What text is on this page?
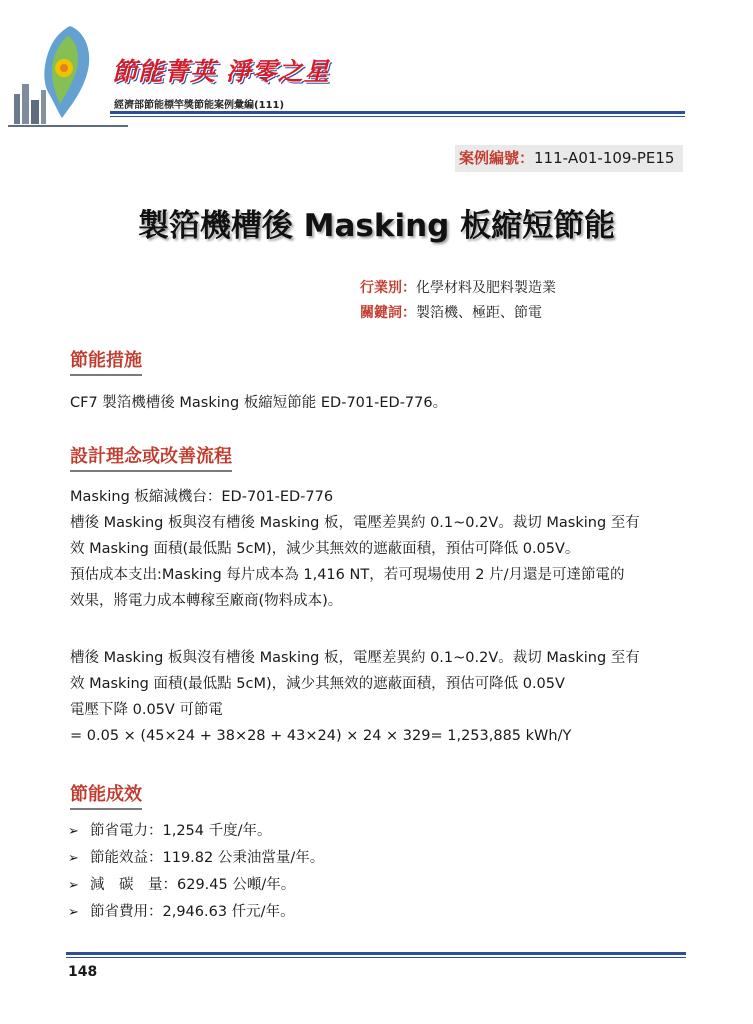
節能菁英 淨零之星
經濟部節能標竿獎節能案例彙編(111)
案例編號：111-A01-109-PE15
製箔機槽後 Masking 板縮短節能
行業別：化學材料及肥料製造業
關鍵詞：製箔機、極距、節電
節能措施
CF7 製箔機槽後 Masking 板縮短節能 ED-701-ED-776。
設計理念或改善流程
Masking 板縮減機台：ED-701-ED-776
槽後 Masking 板與沒有槽後 Masking 板，電壓差異約 0.1~0.2V。裁切 Masking 至有
效 Masking 面積(最低點 5cM)，減少其無效的遮蔽面積，預估可降低 0.05V。
預估成本支出:Masking 每片成本為 1,416 NT，若可現場使用 2 片/月還是可達節電的
效果，將電力成本轉稼至廠商(物料成本)。
槽後 Masking 板與沒有槽後 Masking 板，電壓差異約 0.1~0.2V。裁切 Masking 至有
效 Masking 面積(最低點 5cM)，減少其無效的遮蔽面積，預估可降低 0.05V
電壓下降 0.05V 可節電
= 0.05 × (45×24 + 38×28 + 43×24) × 24 × 329= 1,253,885 kWh/Y
節能成效
➢ 節省電力：1,254 千度/年。
➢ 節能效益：119.82 公秉油當量/年。
➢ 減　碳　量：629.45 公噸/年。
➢ 節省費用：2,946.63 仟元/年。
148
